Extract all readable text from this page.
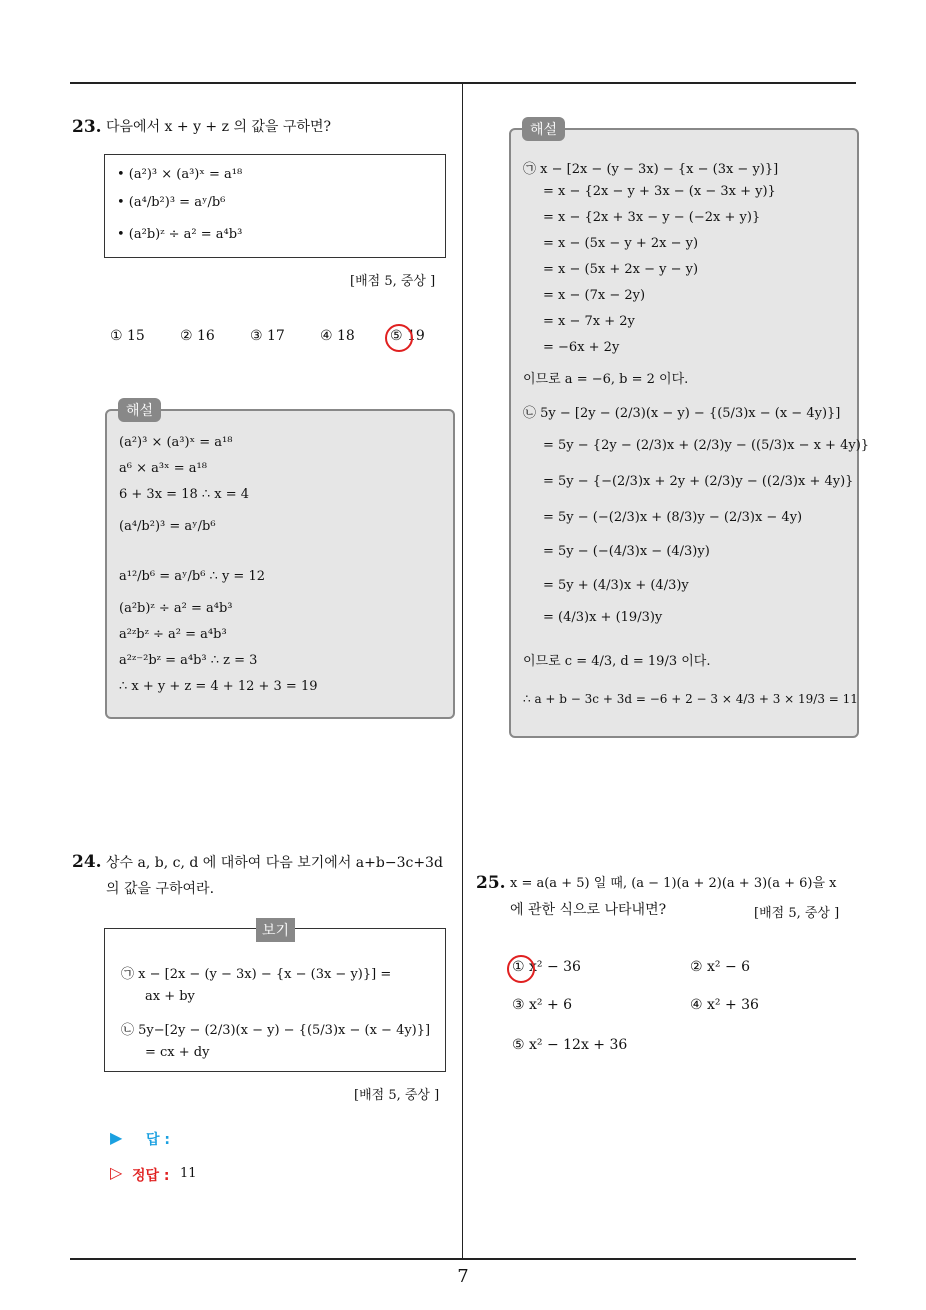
23. 다음에서 x + y + z 의 값을 구하면?
• (a²)³ × (a³)ˣ = a¹⁸
• (a⁴/b²)³ = aʸ/b⁶
• (a²b)ᶻ ÷ a² = a⁴b³
[배점 5, 중상 ]
① 15	② 16	③ 17	④ 18	⑤ 19
(a²)³ × (a³)ˣ = a¹⁸
a⁶ × a³ˣ = a¹⁸
6 + 3x = 18 ∴ x = 4
(a⁴/b²)³ = aʸ/b⁶
a¹²/b⁶ = aʸ/b⁶ ∴ y = 12
(a²b)ᶻ ÷ a² = a⁴b³
a²ᶻbᶻ ÷ a² = a⁴b³
a²ᶻ⁻²bᶻ = a⁴b³ ∴ z = 3
∴ x + y + z = 4 + 12 + 3 = 19
해설
24. 상수 a, b, c, d 에 대하여 다음 보기에서 a+b−3c+3d
의 값을 구하여라.
㉠ x − [2x − (y − 3x) − {x − (3x − y)}] =
ax + by
㉡ 5y−[2y − (2/3)(x − y) − {(5/3)x − (x − 4y)}]
= cx + dy
보기
[배점 5, 중상 ]
▶ 답 :
▷ 정답 : 11
㉠ x − [2x − (y − 3x) − {x − (3x − y)}]
= x − {2x − y + 3x − (x − 3x + y)}
= x − {2x + 3x − y − (−2x + y)}
= x − (5x − y + 2x − y)
= x − (5x + 2x − y − y)
= x − (7x − 2y)
= x − 7x + 2y
= −6x + 2y
이므로 a = −6, b = 2 이다.
㉡ 5y − [2y − (2/3)(x − y) − {(5/3)x − (x − 4y)}]
= 5y − {2y − (2/3)x + (2/3)y − ((5/3)x − x + 4y)}
= 5y − {−(2/3)x + 2y + (2/3)y − ((2/3)x + 4y)}
= 5y − (−(2/3)x + (8/3)y − (2/3)x − 4y)
= 5y − (−(4/3)x − (4/3)y)
= 5y + (4/3)x + (4/3)y
= (4/3)x + (19/3)y
이므로 c = 4/3, d = 19/3 이다.
∴ a + b − 3c + 3d = −6 + 2 − 3 × 4/3 + 3 × 19/3 = 11
해설
25. x = a(a + 5) 일 때, (a − 1)(a + 2)(a + 3)(a + 6)을 x
에 관한 식으로 나타내면?	[배점 5, 중상 ]
① x² − 36	② x² − 6
③ x² + 6	④ x² + 36
⑤ x² − 12x + 36
7
